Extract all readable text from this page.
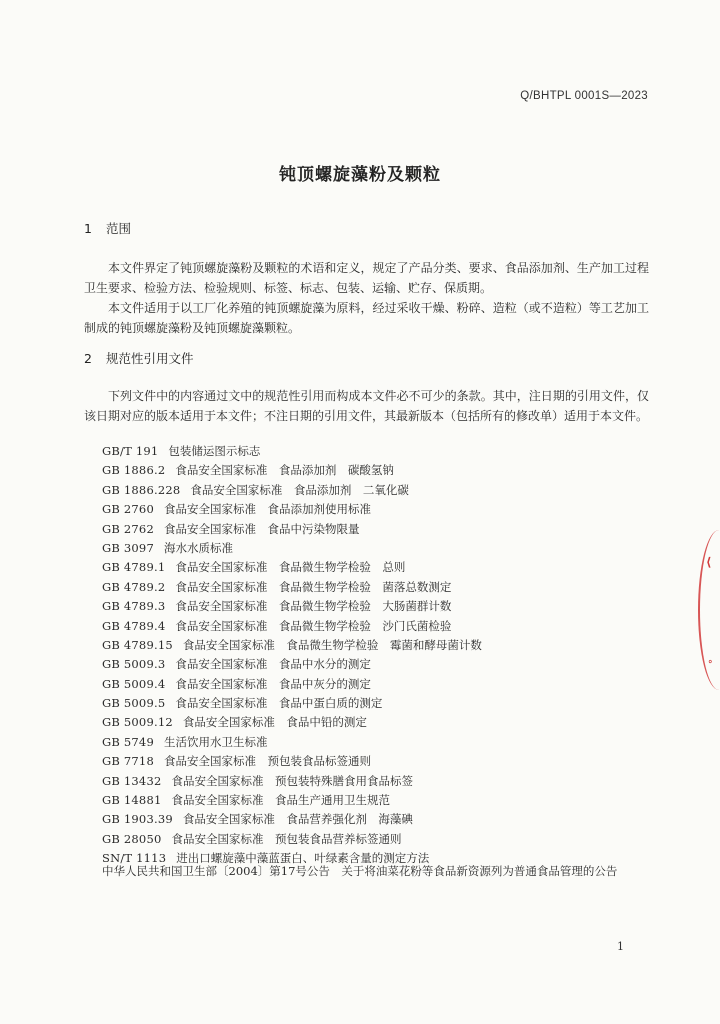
Q/BHTPL 0001S—2023
钝顶螺旋藻粉及颗粒
1 范围
本文件界定了钝顶螺旋藻粉及颗粒的术语和定义，规定了产品分类、要求、食品添加剂、生产加工过程卫生要求、检验方法、检验规则、标签、标志、包装、运输、贮存、保质期。
本文件适用于以工厂化养殖的钝顶螺旋藻为原料，经过采收干燥、粉碎、造粒（或不造粒）等工艺加工制成的钝顶螺旋藻粉及钝顶螺旋藻颗粒。
2 规范性引用文件
下列文件中的内容通过文中的规范性引用而构成本文件必不可少的条款。其中，注日期的引用文件，仅该日期对应的版本适用于本文件；不注日期的引用文件，其最新版本（包括所有的修改单）适用于本文件。
GB/T 191 包装储运图示标志
GB 1886.2 食品安全国家标准　食品添加剂　碳酸氢钠
GB 1886.228 食品安全国家标准　食品添加剂　二氧化碳
GB 2760 食品安全国家标准　食品添加剂使用标准
GB 2762 食品安全国家标准　食品中污染物限量
GB 3097 海水水质标准
GB 4789.1 食品安全国家标准　食品微生物学检验　总则
GB 4789.2 食品安全国家标准　食品微生物学检验　菌落总数测定
GB 4789.3 食品安全国家标准　食品微生物学检验　大肠菌群计数
GB 4789.4 食品安全国家标准　食品微生物学检验　沙门氏菌检验
GB 4789.15 食品安全国家标准　食品微生物学检验　霉菌和酵母菌计数
GB 5009.3 食品安全国家标准　食品中水分的测定
GB 5009.4 食品安全国家标准　食品中灰分的测定
GB 5009.5 食品安全国家标准　食品中蛋白质的测定
GB 5009.12 食品安全国家标准　食品中铅的测定
GB 5749 生活饮用水卫生标准
GB 7718 食品安全国家标准　预包装食品标签通则
GB 13432 食品安全国家标准　预包装特殊膳食用食品标签
GB 14881 食品安全国家标准　食品生产通用卫生规范
GB 1903.39 食品安全国家标准　食品营养强化剂　海藻碘
GB 28050 食品安全国家标准　预包装食品营养标签通则
SN/T 1113 进出口螺旋藻中藻蓝蛋白、叶绿素含量的测定方法
中华人民共和国卫生部〔2004〕第17号公告　关于将油菜花粉等食品新资源列为普通食品管理的公告
1
⟨
°
